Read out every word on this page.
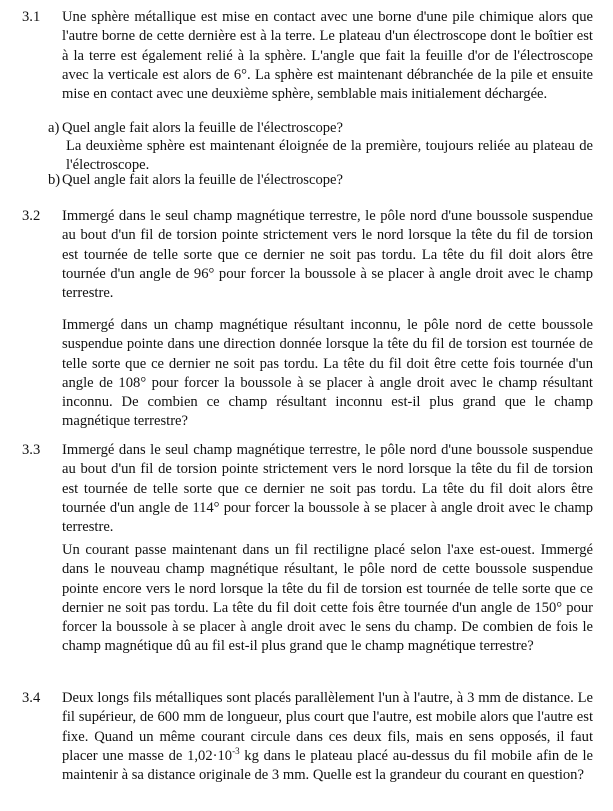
3.1	Une sphère métallique est mise en contact avec une borne d'une pile chimique alors que l'autre borne de cette dernière est à la terre. Le plateau d'un électroscope dont le boîtier est à la terre est également relié à la sphère. L'angle que fait la feuille d'or de l'électroscope avec la verticale est alors de 6°. La sphère est maintenant débranchée de la pile et ensuite mise en contact avec une deuxième sphère, semblable mais initialement déchargée.

a) Quel angle fait alors la feuille de l'électroscope?

La deuxième sphère est maintenant éloignée de la première, toujours reliée au plateau de l'électroscope.

b) Quel angle fait alors la feuille de l'électroscope?

3.2	Immergé dans le seul champ magnétique terrestre, le pôle nord d'une boussole suspendue au bout d'un fil de torsion pointe strictement vers le nord lorsque la tête du fil de torsion est tournée de telle sorte que ce dernier ne soit pas tordu. La tête du fil doit alors être tournée d'un angle de 96° pour forcer la boussole à se placer à angle droit avec le champ terrestre.

Immergé dans un champ magnétique résultant inconnu, le pôle nord de cette boussole suspendue pointe dans une direction donnée lorsque la tête du fil de torsion est tournée de telle sorte que ce dernier ne soit pas tordu. La tête du fil doit être cette fois tournée d'un angle de 108° pour forcer la boussole à se placer à angle droit avec le champ résultant inconnu. De combien ce champ résultant inconnu est-il plus grand que le champ magnétique terrestre?

3.3	Immergé dans le seul champ magnétique terrestre, le pôle nord d'une boussole suspendue au bout d'un fil de torsion pointe strictement vers le nord lorsque la tête du fil de torsion est tournée de telle sorte que ce dernier ne soit pas tordu. La tête du fil doit alors être tournée d'un angle de 114° pour forcer la boussole à se placer à angle droit avec le champ terrestre.

Un courant passe maintenant dans un fil rectiligne placé selon l'axe est-ouest. Immergé dans le nouveau champ magnétique résultant, le pôle nord de cette boussole suspendue pointe encore vers le nord lorsque la tête du fil de torsion est tournée de telle sorte que ce dernier ne soit pas tordu. La tête du fil doit cette fois être tournée d'un angle de 150° pour forcer la boussole à se placer à angle droit avec le sens du champ. De combien de fois le champ magnétique dû au fil est-il plus grand que le champ magnétique terrestre?

3.4	Deux longs fils métalliques sont placés parallèlement l'un à l'autre, à 3 mm de distance. Le fil supérieur, de 600 mm de longueur, plus court que l'autre, est mobile alors que l'autre est fixe. Quand un même courant circule dans ces deux fils, mais en sens opposés, il faut placer une masse de $1,02\cdot 10^{-3}$ kg dans le plateau placé au-dessus du fil mobile afin de le maintenir à sa distance originale de 3 mm. Quelle est la grandeur du courant en question?
